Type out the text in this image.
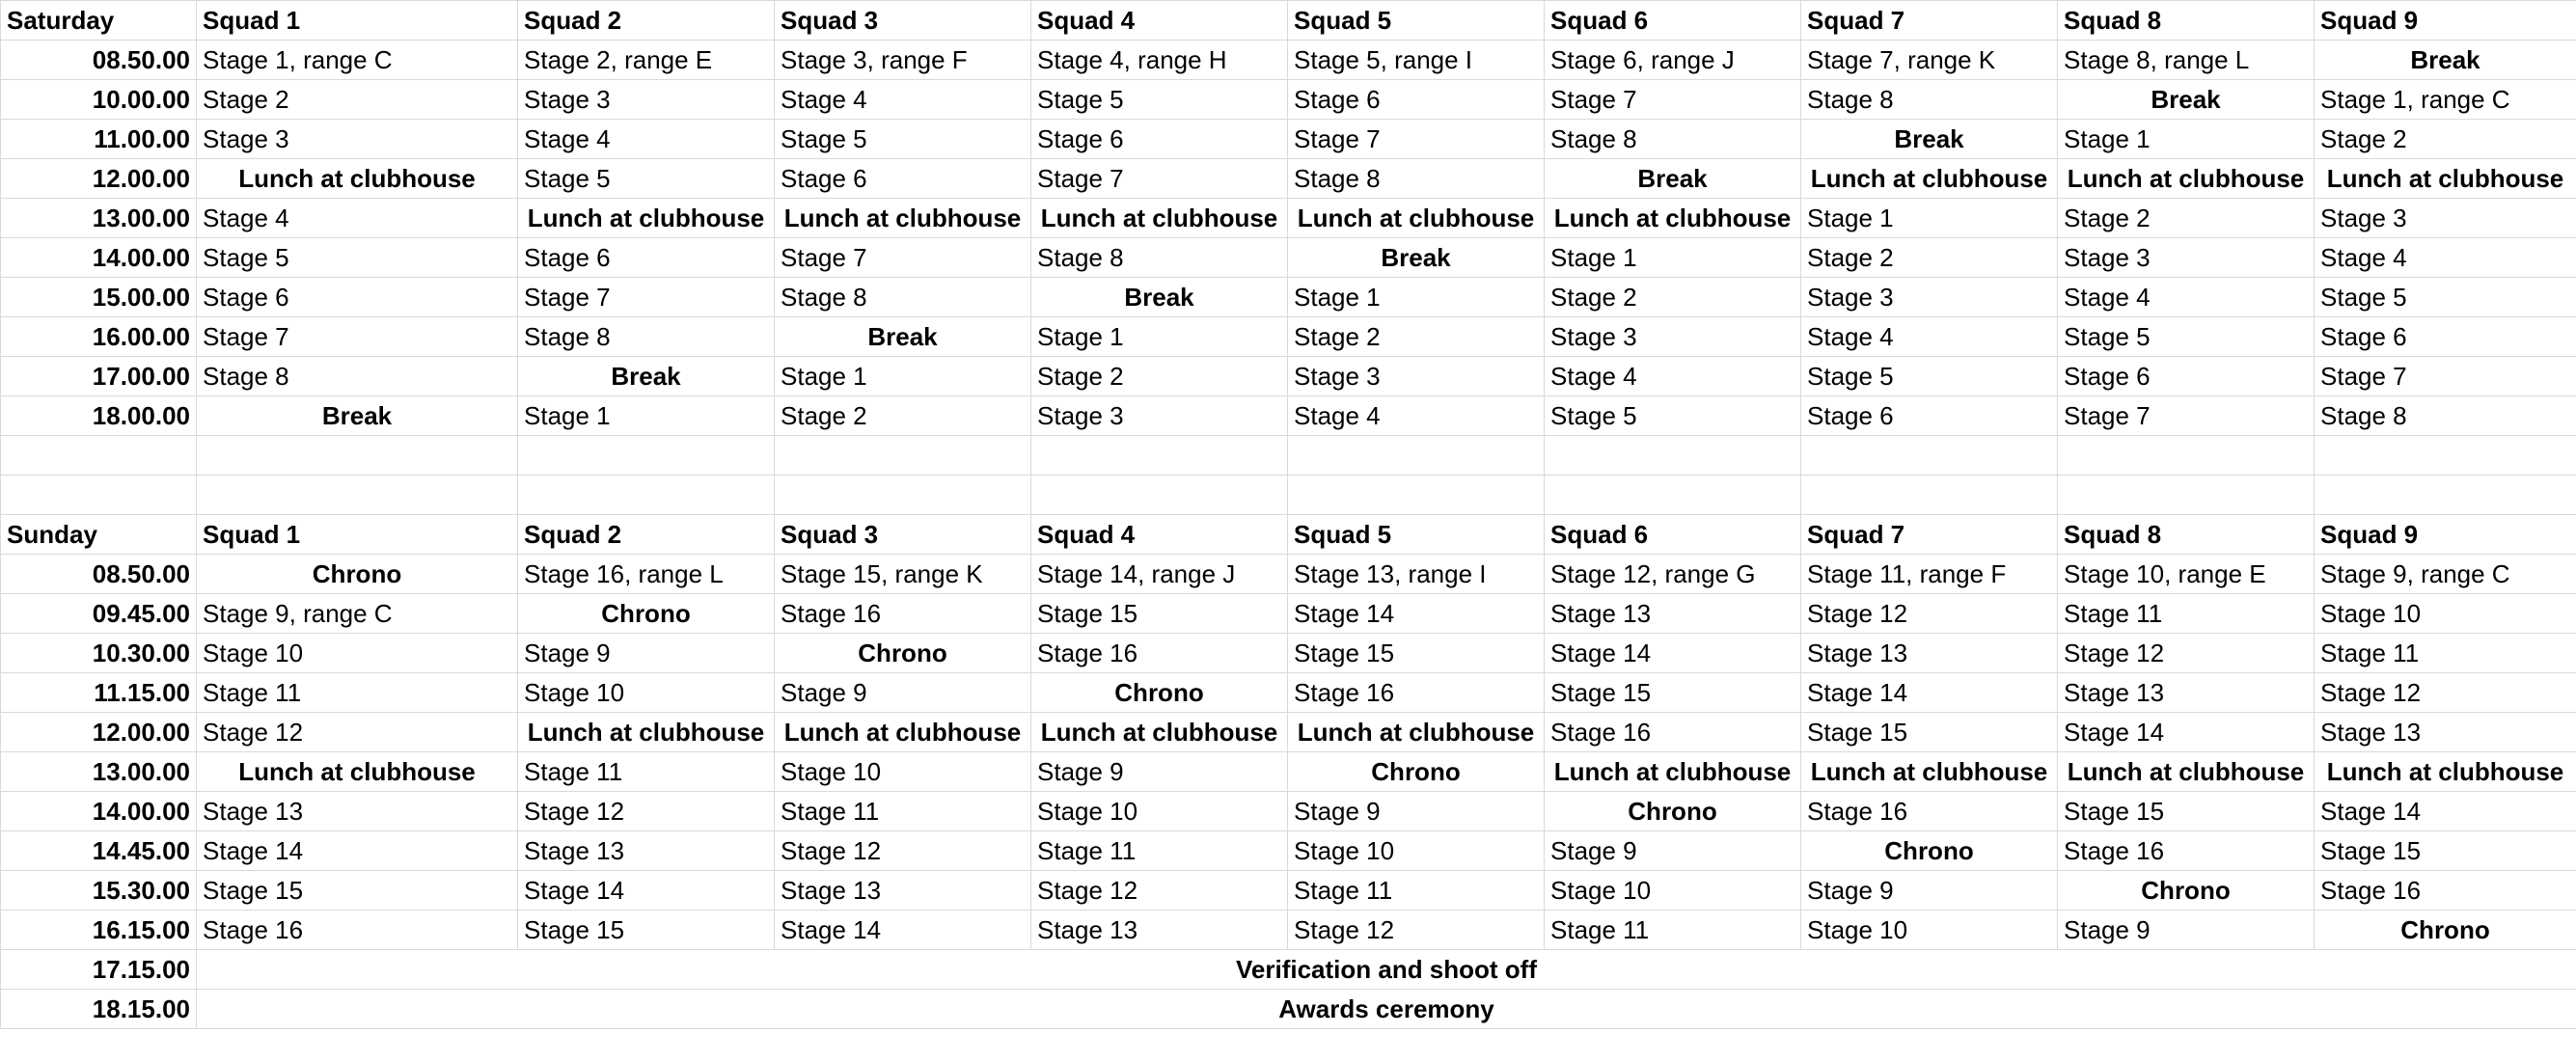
Saturday	Squad 1	Squad 2	Squad 3	Squad 4	Squad 5	Squad 6	Squad 7	Squad 8	Squad 9
08.50.00	Stage 1, range C	Stage 2, range E	Stage 3, range F	Stage 4, range H	Stage 5, range I	Stage 6, range J	Stage 7, range K	Stage 8, range L	Break
10.00.00	Stage 2	Stage 3	Stage 4	Stage 5	Stage 6	Stage 7	Stage 8	Break	Stage 1, range C
11.00.00	Stage 3	Stage 4	Stage 5	Stage 6	Stage 7	Stage 8	Break	Stage 1	Stage 2
12.00.00	Lunch at clubhouse	Stage 5	Stage 6	Stage 7	Stage 8	Break	Lunch at clubhouse	Lunch at clubhouse	Lunch at clubhouse
13.00.00	Stage 4	Lunch at clubhouse	Lunch at clubhouse	Lunch at clubhouse	Lunch at clubhouse	Lunch at clubhouse	Stage 1	Stage 2	Stage 3
14.00.00	Stage 5	Stage 6	Stage 7	Stage 8	Break	Stage 1	Stage 2	Stage 3	Stage 4
15.00.00	Stage 6	Stage 7	Stage 8	Break	Stage 1	Stage 2	Stage 3	Stage 4	Stage 5
16.00.00	Stage 7	Stage 8	Break	Stage 1	Stage 2	Stage 3	Stage 4	Stage 5	Stage 6
17.00.00	Stage 8	Break	Stage 1	Stage 2	Stage 3	Stage 4	Stage 5	Stage 6	Stage 7
18.00.00	Break	Stage 1	Stage 2	Stage 3	Stage 4	Stage 5	Stage 6	Stage 7	Stage 8

Sunday	Squad 1	Squad 2	Squad 3	Squad 4	Squad 5	Squad 6	Squad 7	Squad 8	Squad 9
08.50.00	Chrono	Stage 16, range L	Stage 15, range K	Stage 14, range J	Stage 13, range I	Stage 12, range G	Stage 11, range F	Stage 10, range E	Stage 9, range C
09.45.00	Stage 9, range C	Chrono	Stage 16	Stage 15	Stage 14	Stage 13	Stage 12	Stage 11	Stage 10
10.30.00	Stage 10	Stage 9	Chrono	Stage 16	Stage 15	Stage 14	Stage 13	Stage 12	Stage 11
11.15.00	Stage 11	Stage 10	Stage 9	Chrono	Stage 16	Stage 15	Stage 14	Stage 13	Stage 12
12.00.00	Stage 12	Lunch at clubhouse	Lunch at clubhouse	Lunch at clubhouse	Lunch at clubhouse	Stage 16	Stage 15	Stage 14	Stage 13
13.00.00	Lunch at clubhouse	Stage 11	Stage 10	Stage 9	Chrono	Lunch at clubhouse	Lunch at clubhouse	Lunch at clubhouse	Lunch at clubhouse
14.00.00	Stage 13	Stage 12	Stage 11	Stage 10	Stage 9	Chrono	Stage 16	Stage 15	Stage 14
14.45.00	Stage 14	Stage 13	Stage 12	Stage 11	Stage 10	Stage 9	Chrono	Stage 16	Stage 15
15.30.00	Stage 15	Stage 14	Stage 13	Stage 12	Stage 11	Stage 10	Stage 9	Chrono	Stage 16
16.15.00	Stage 16	Stage 15	Stage 14	Stage 13	Stage 12	Stage 11	Stage 10	Stage 9	Chrono
17.15.00	Verification and shoot off								
18.15.00	Awards ceremony								
